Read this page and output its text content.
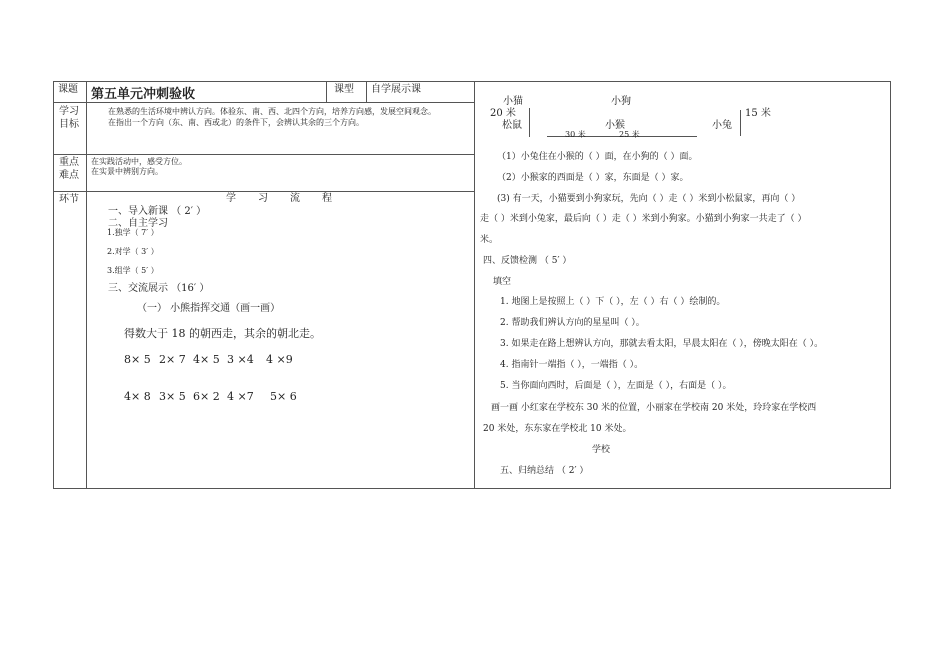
课题 第五单元冲刺验收	课型 自学展示课
学习
目标
在熟悉的生活环境中辨认方向。体验东、南、西、北四个方向，培养方向感，发展空间观念。
在指出一个方向（东、南、西或北）的条件下，会辨认其余的三个方向。
重点
难点
在实践活动中，感受方位。
在实景中辨别方向。
环节	学习流程
一、导入新课 （ 2′ ）
二、自主学习
1.独学（ 7′ ）
2.对学（ 3′ ）
3.组学（ 5′ ）
三、交流展示 （16′ ）
（一） 小熊指挥交通（画一画）
得数大于 18 的朝西走，其余的朝北走。
8× 5 2× 7 4× 5 3 ×4 4 ×9
4× 8 3× 5 6× 2 4 ×7 5× 6
小猫	小狗
20 米	15 米
松鼠	小猴	小兔
30 米	25 米
（1）小兔住在小猴的（ ）面，在小狗的（ ）面。
（2）小猴家的西面是（ ）家，东面是（ ）家。
(3) 有一天，小猫要到小狗家玩，先向（ ）走（ ）米到小松鼠家，再向（ ）
走（ ）米到小兔家，最后向（ ）走（ ）米到小狗家。小猫到小狗家一共走了（ ）
米。
四、反馈检测 （ 5′ ）
填空
1. 地图上是按照上（ ）下（ ），左（ ）右（ ）绘制的。
2. 帮助我们辨认方向的星星叫（ ）。
3. 如果走在路上想辨认方向，那就去看太阳，早晨太阳在（ ），傍晚太阳在（ ）。
4. 指南针一端指（ ），一端指（ ）。
5. 当你面向西时，后面是（ ），左面是（ ），右面是（ ）。
画一画 小红家在学校东 30 米的位置，小丽家在学校南 20 米处，玲玲家在学校西
20 米处，东东家在学校北 10 米处。
学校
五、归纳总结 （ 2′ ）
